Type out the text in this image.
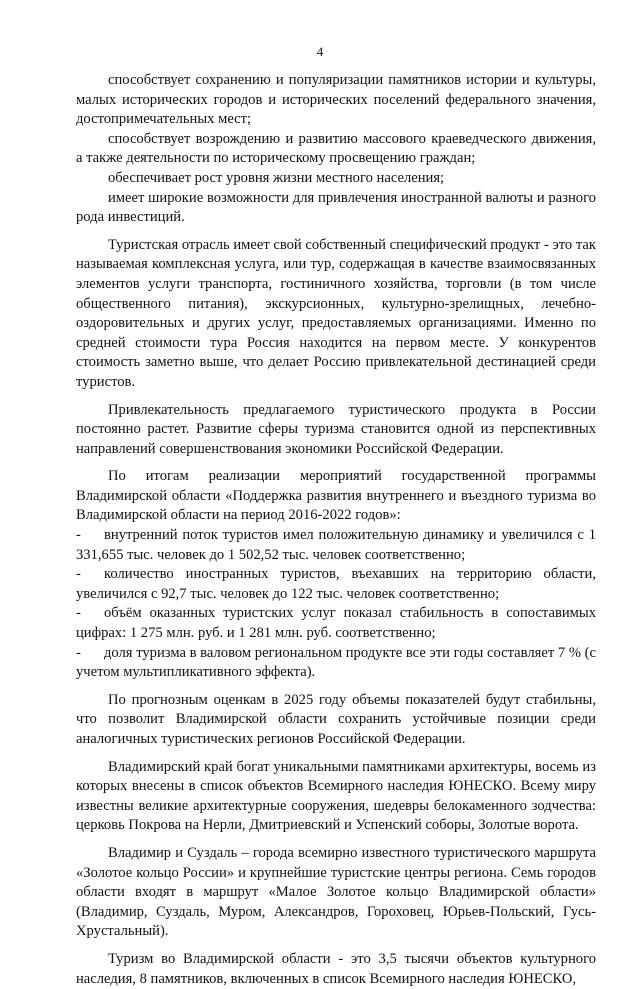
4

способствует сохранению и популяризации памятников истории и культуры, малых исторических городов и исторических поселений федерального значения, достопримечательных мест;

способствует возрождению и развитию массового краеведческого движения, а также деятельности по историческому просвещению граждан;

обеспечивает рост уровня жизни местного населения;

имеет широкие возможности для привлечения иностранной валюты и разного рода инвестиций.

Туристская отрасль имеет свой собственный специфический продукт - это так называемая комплексная услуга, или тур, содержащая в качестве взаимосвязанных элементов услуги транспорта, гостиничного хозяйства, торговли (в том числе общественного питания), экскурсионных, культурно-зрелищных, лечебно-оздоровительных и других услуг, предоставляемых организациями. Именно по средней стоимости тура Россия находится на первом месте. У конкурентов стоимость заметно выше, что делает Россию привлекательной дестинацией среди туристов.

Привлекательность предлагаемого туристического продукта в России постоянно растет. Развитие сферы туризма становится одной из перспективных направлений совершенствования экономики Российской Федерации.

По итогам реализации мероприятий государственной программы Владимирской области «Поддержка развития внутреннего и въездного туризма во Владимирской области на период 2016-2022 годов»:

- внутренний поток туристов имел положительную динамику и увеличился с 1 331,655 тыс. человек до 1 502,52 тыс. человек соответственно;

- количество иностранных туристов, въехавших на территорию области, увеличился с 92,7 тыс. человек до 122 тыс. человек соответственно;

- объём оказанных туристских услуг показал стабильность в сопоставимых цифрах: 1 275 млн. руб. и 1 281 млн. руб. соответственно;

- доля туризма в валовом региональном продукте все эти годы составляет 7 % (с учетом мультипликативного эффекта).

По прогнозным оценкам в 2025 году объемы показателей будут стабильны, что позволит Владимирской области сохранить устойчивые позиции среди аналогичных туристических регионов Российской Федерации.

Владимирский край богат уникальными памятниками архитектуры, восемь из которых внесены в список объектов Всемирного наследия ЮНЕСКО. Всему миру известны великие архитектурные сооружения, шедевры белокаменного зодчества: церковь Покрова на Нерли, Дмитриевский и Успенский соборы, Золотые ворота.

Владимир и Суздаль – города всемирно известного туристического маршрута «Золотое кольцо России» и крупнейшие туристские центры региона. Семь городов области входят в маршрут «Малое Золотое кольцо Владимирской области» (Владимир, Суздаль, Муром, Александров, Гороховец, Юрьев-Польский, Гусь-Хрустальный).

Туризм во Владимирской области - это 3,5 тысячи объектов культурного наследия, 8 памятников, включенных в список Всемирного наследия ЮНЕСКО,
